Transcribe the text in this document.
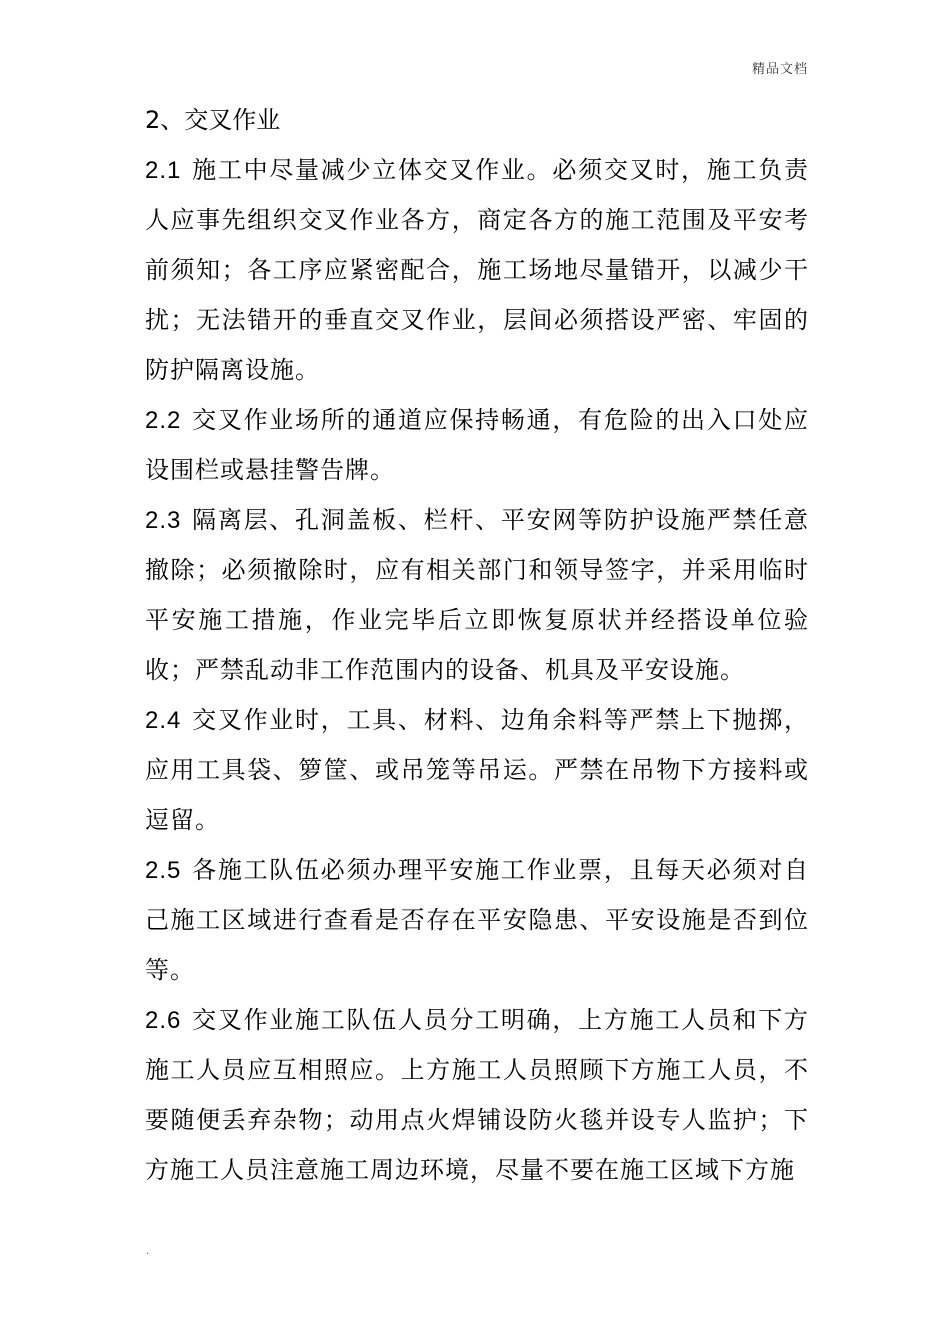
精品文档
2、交叉作业
2.1 施工中尽量减少立体交叉作业。必须交叉时，施工负责
人应事先组织交叉作业各方，商定各方的施工范围及平安考
前须知；各工序应紧密配合，施工场地尽量错开，以减少干
扰；无法错开的垂直交叉作业，层间必须搭设严密、牢固的
防护隔离设施。
2.2 交叉作业场所的通道应保持畅通，有危险的出入口处应
设围栏或悬挂警告牌。
2.3 隔离层、孔洞盖板、栏杆、平安网等防护设施严禁任意
撤除；必须撤除时，应有相关部门和领导签字，并采用临时
平安施工措施，作业完毕后立即恢复原状并经搭设单位验
收；严禁乱动非工作范围内的设备、机具及平安设施。
2.4 交叉作业时，工具、材料、边角余料等严禁上下抛掷，
应用工具袋、箩筐、或吊笼等吊运。严禁在吊物下方接料或
逗留。
2.5 各施工队伍必须办理平安施工作业票，且每天必须对自
己施工区域进行查看是否存在平安隐患、平安设施是否到位
等。
2.6 交叉作业施工队伍人员分工明确，上方施工人员和下方
施工人员应互相照应。上方施工人员照顾下方施工人员，不
要随便丢弃杂物；动用点火焊铺设防火毯并设专人监护；下
方施工人员注意施工周边环境，尽量不要在施工区域下方施
.
